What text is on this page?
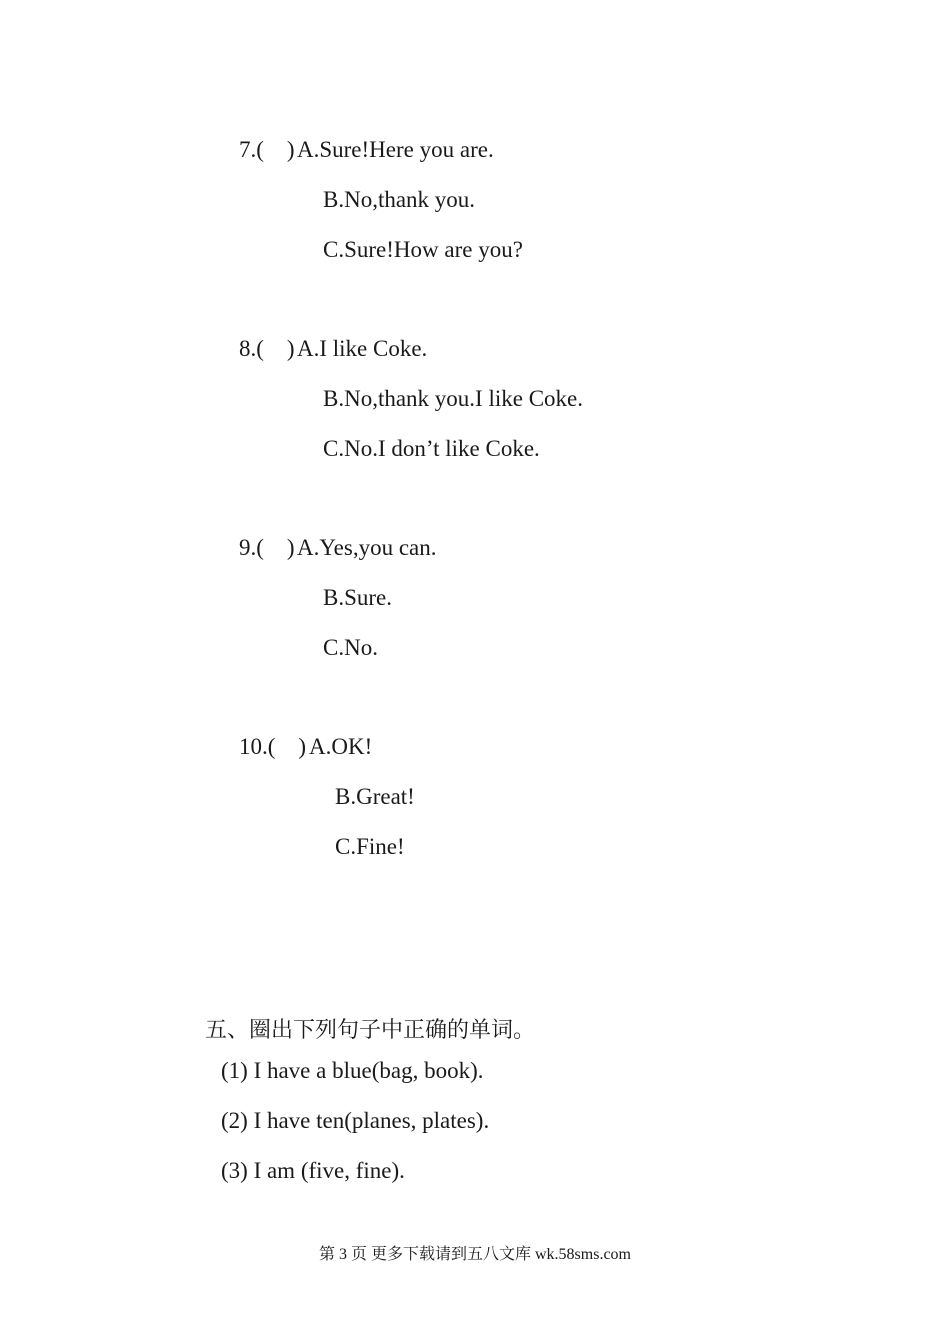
7.(    ) A.Sure!Here you are.
B.No,thank you.
C.Sure!How are you?
8.(    ) A.I like Coke.
B.No,thank you.I like Coke.
C.No.I don’t like Coke.
9.(    ) A.Yes,you can.
B.Sure.
C.No.
10.(    ) A.OK!
B.Great!
C.Fine!
五、圈出下列句子中正确的单词。
(1) I have a blue(bag, book).
(2) I have ten(planes, plates).
(3) I am (five, fine).
第 3 页 更多下载请到五八文库 wk.58sms.com
